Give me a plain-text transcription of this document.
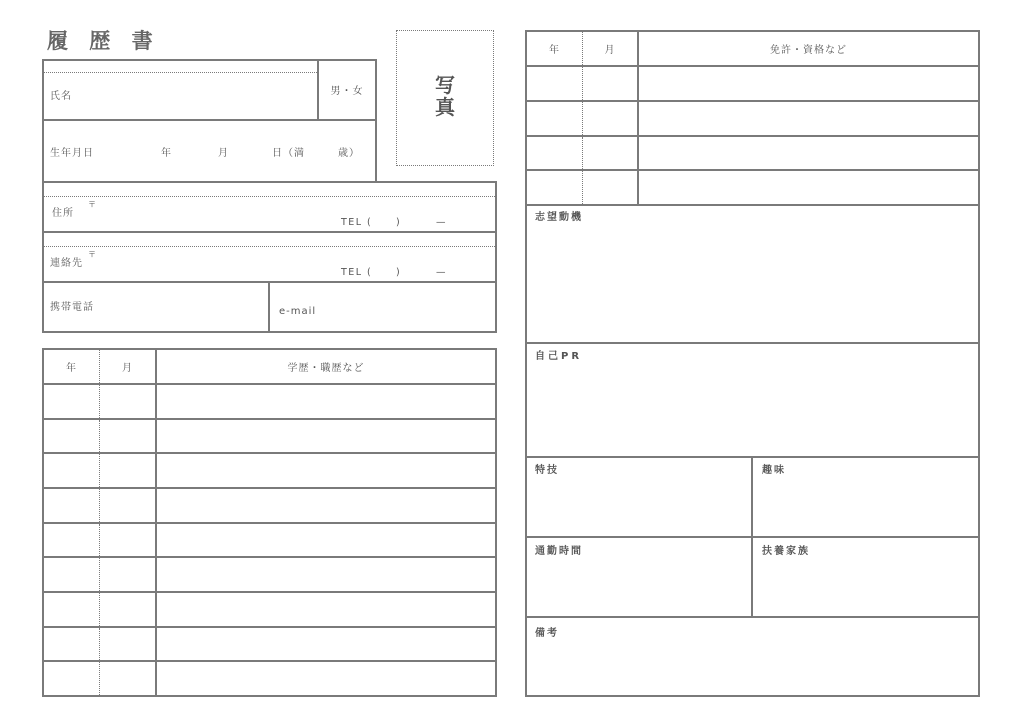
履 歴 書
氏名	男・女
生年月日	年	月	日（満	歳）
写
真
住所
〒
TEL (	)	—
連絡先
〒
TEL (	)	—
携帯電話	e-mail
年	月	学歴・職歴など
年	月	免許・資格など
志望動機
自己PR
特技	趣味
通勤時間	扶養家族
備考
